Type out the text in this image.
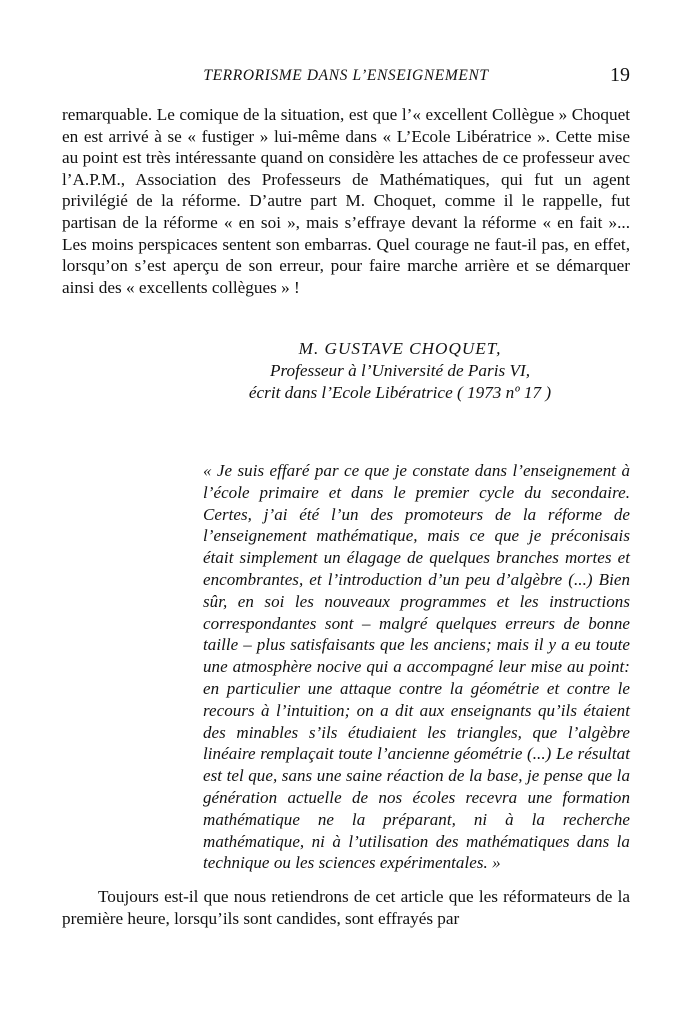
TERRORISME DANS L’ENSEIGNEMENT	19

remarquable. Le comique de la situation, est que l’« excellent Collègue » Choquet en est arrivé à se « fustiger » lui-même dans « L’Ecole Libératrice ». Cette mise au point est très intéressante quand on considère les attaches de ce professeur avec l’A.P.M., Association des Professeurs de Mathématiques, qui fut un agent privilégié de la réforme. D’autre part M. Choquet, comme il le rappelle, fut partisan de la réforme « en soi », mais s’effraye devant la réforme « en fait »... Les moins perspicaces sentent son embarras. Quel courage ne faut-il pas, en effet, lorsqu’on s’est aperçu de son erreur, pour faire marche arrière et se démarquer ainsi des « excellents collègues » !

M. GUSTAVE CHOQUET,
Professeur à l’Université de Paris VI,
écrit dans l’Ecole Libératrice ( 1973 nº 17 )

« Je suis effaré par ce que je constate dans l’enseignement à l’école primaire et dans le premier cycle du secondaire. Certes, j’ai été l’un des promoteurs de la réforme de l’enseignement mathématique, mais ce que je préconisais était simplement un élagage de quelques branches mortes et encombrantes, et l’introduction d’un peu d’algèbre (...) Bien sûr, en soi les nouveaux programmes et les instructions correspondantes sont – malgré quelques erreurs de bonne taille – plus satisfaisants que les anciens; mais il y a eu toute une atmosphère nocive qui a accompagné leur mise au point: en particulier une attaque contre la géométrie et contre le recours à l’intuition; on a dit aux enseignants qu’ils étaient des minables s’ils étudiaient les triangles, que l’algèbre linéaire remplaçait toute l’ancienne géométrie (...) Le résultat est tel que, sans une saine réaction de la base, je pense que la génération actuelle de nos écoles recevra une formation mathématique ne la préparant, ni à la recherche mathématique, ni à l’utilisation des mathématiques dans la technique ou les sciences expérimentales. »

Toujours est-il que nous retiendrons de cet article que les réformateurs de la première heure, lorsqu’ils sont candides, sont effrayés par
